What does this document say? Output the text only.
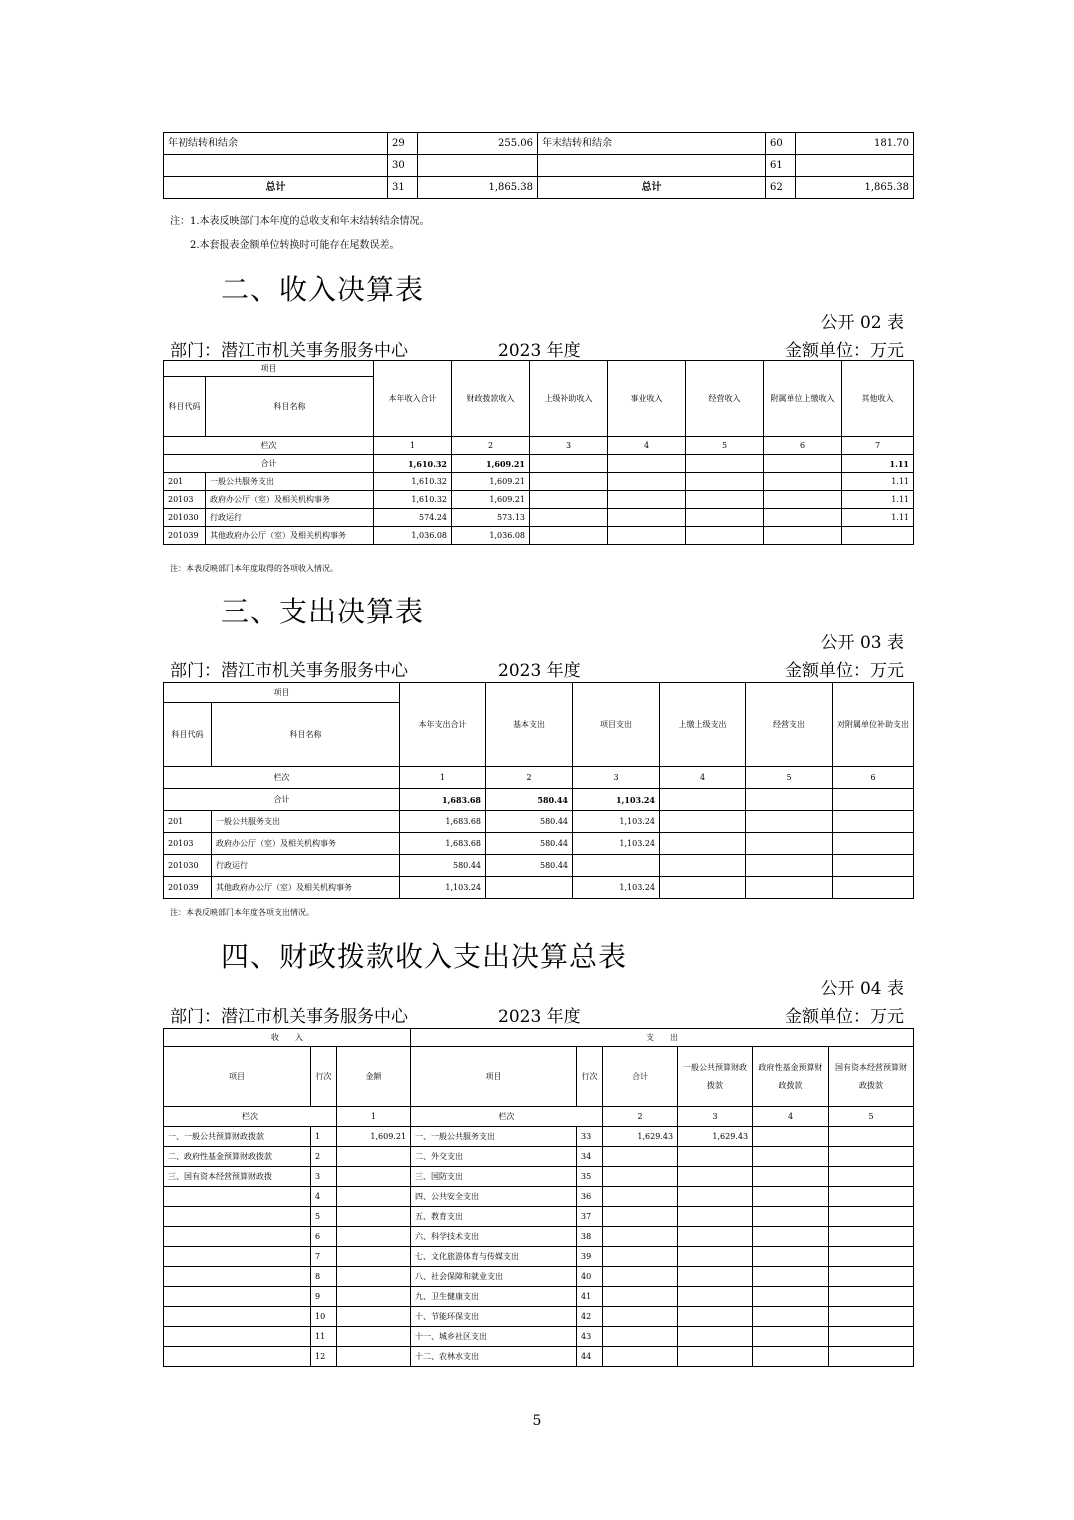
年初结转和结余	29	255.06	年末结转和结余	60	181.70
	30			61	
总计	31	1,865.38	总计	62	1,865.38
注：1.本表反映部门本年度的总收支和年末结转结余情况。
2.本套报表金额单位转换时可能存在尾数误差。
二、收入决算表
公开 02 表
部门：潜江市机关事务服务中心	2023 年度	金额单位：万元
项目		本年收入合计	财政拨款收入	上级补助收入	事业收入	经营收入	附属单位上缴收入	其他收入
科目代码	科目名称							

栏次		1	2	3	4	5	6	7
合计		1,610.32	1,609.21					1.11
201	一般公共服务支出	1,610.32	1,609.21					1.11
20103	政府办公厅（室）及相关机构事务	1,610.32	1,609.21					1.11
201030	行政运行	574.24	573.13					1.11
201039	其他政府办公厅（室）及相关机构事务	1,036.08	1,036.08					
注：本表反映部门本年度取得的各项收入情况。
三、支出决算表
公开 03 表
部门：潜江市机关事务服务中心	2023 年度	金额单位：万元
项目		本年支出合计	基本支出	项目支出	上缴上级支出	经营支出	对附属单位补助支出
科目代码	科目名称						

栏次		1	2	3	4	5	6
合计		1,683.68	580.44	1,103.24			
201	一般公共服务支出	1,683.68	580.44	1,103.24			
20103	政府办公厅（室）及相关机构事务	1,683.68	580.44	1,103.24			
201030	行政运行	580.44	580.44				
201039	其他政府办公厅（室）及相关机构事务	1,103.24		1,103.24			
注：本表反映部门本年度各项支出情况。
四、财政拨款收入支出决算总表
公开 04 表
部门：潜江市机关事务服务中心	2023 年度	金额单位：万元
收　　入			支　　出					
项目	行次	金额	项目	行次	合计	一般公共预算财政拨款	政府性基金预算财政拨款	国有资本经营预算财政拨款
栏次		1	栏次		2	3	4	5
一、一般公共预算财政拨款	1	1,609.21	一、一般公共服务支出	33	1,629.43	1,629.43		
二、政府性基金预算财政拨款	2		二、外交支出	34				
三、国有资本经营预算财政拨	3		三、国防支出	35				
	4		四、公共安全支出	36				
	5		五、教育支出	37				
	6		六、科学技术支出	38				
	7		七、文化旅游体育与传媒支出	39				
	8		八、社会保障和就业支出	40				
	9		九、卫生健康支出	41				
	10		十、节能环保支出	42				
	11		十一、城乡社区支出	43				
	12		十二、农林水支出	44				
5
